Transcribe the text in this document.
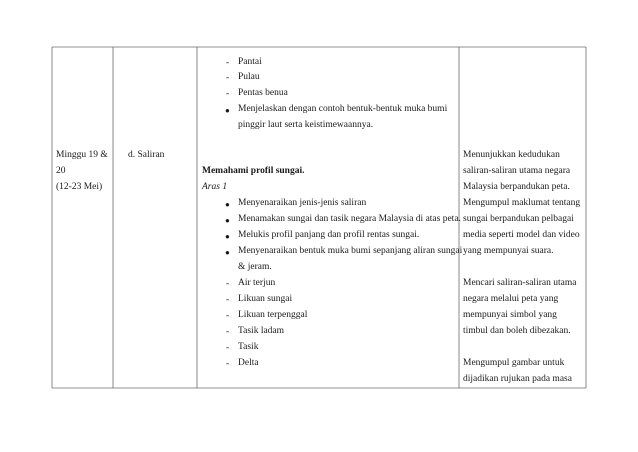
Minggu 19 &
20
(12-23 Mei)
d. Saliran
- Pantai
- Pulau
- Pentas benua
● Menjelaskan dengan contoh bentuk-bentuk muka bumi
pinggir laut serta keistimewaannya.
Memahami profil sungai.
Aras 1
● Menyenaraikan jenis-jenis saliran
● Menamakan sungai dan tasik negara Malaysia di atas peta.
● Melukis profil panjang dan profil rentas sungai.
● Menyenaraikan bentuk muka bumi sepanjang aliran sungai
& jeram.
- Air terjun
- Likuan sungai
- Likuan terpenggal
- Tasik ladam
- Tasik
- Delta
Menunjukkan kedudukan
saliran-saliran utama negara
Malaysia berpandukan peta.
Mengumpul maklumat tentang
sungai berpandukan pelbagai
media seperti model dan video
yang mempunyai suara.
Mencari saliran-saliran utama
negara melalui peta yang
mempunyai simbol yang
timbul dan boleh dibezakan.
Mengumpul gambar untuk
dijadikan rujukan pada masa
